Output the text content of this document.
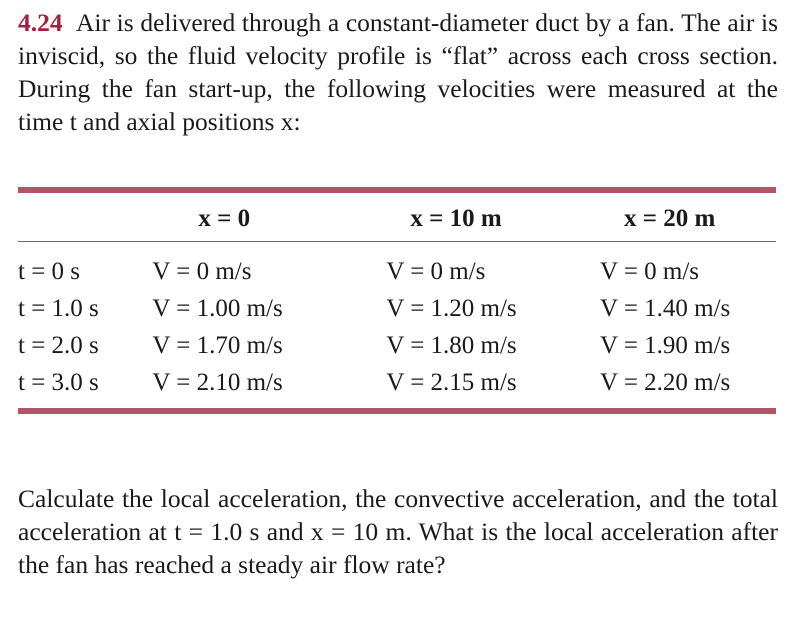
4.24 Air is delivered through a constant-diameter duct by a fan. The air is inviscid, so the fluid velocity profile is “flat” across each cross section. During the fan start-up, the following velocities were measured at the time t and axial positions x:
	x = 0	x = 10 m	x = 20 m
t = 0 s	V = 0 m/s	V = 0 m/s	V = 0 m/s
t = 1.0 s	V = 1.00 m/s	V = 1.20 m/s	V = 1.40 m/s
t = 2.0 s	V = 1.70 m/s	V = 1.80 m/s	V = 1.90 m/s
t = 3.0 s	V = 2.10 m/s	V = 2.15 m/s	V = 2.20 m/s
Calculate the local acceleration, the convective acceleration, and the total acceleration at t = 1.0 s and x = 10 m. What is the local acceleration after the fan has reached a steady air flow rate?
